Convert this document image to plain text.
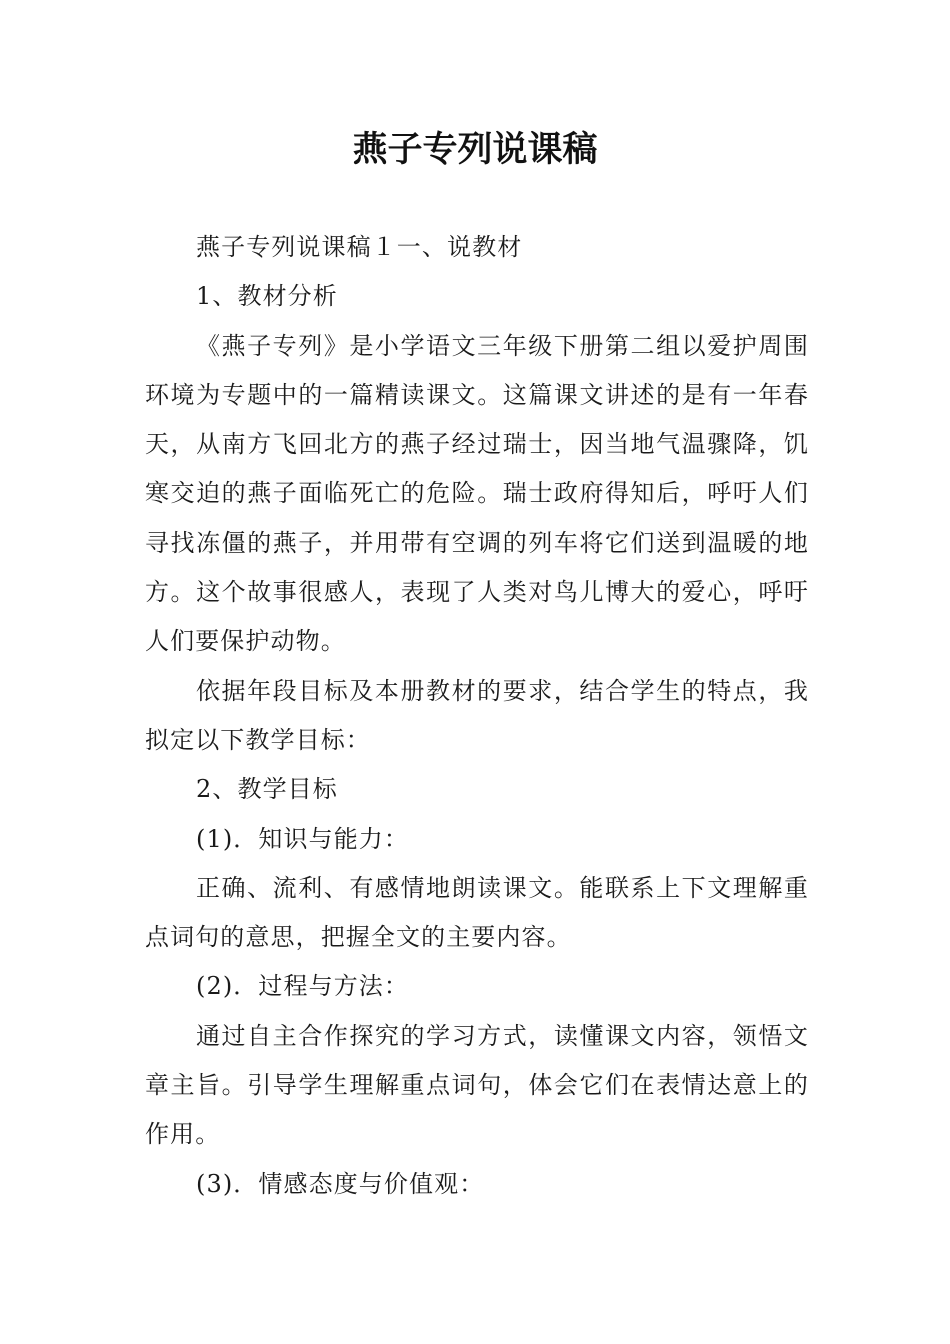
燕子专列说课稿

燕子专列说课稿１一、说教材

1、教材分析

《燕子专列》是小学语文三年级下册第二组以爱护周围环境为专题中的一篇精读课文。这篇课文讲述的是有一年春天，从南方飞回北方的燕子经过瑞士，因当地气温骤降，饥寒交迫的燕子面临死亡的危险。瑞士政府得知后，呼吁人们寻找冻僵的燕子，并用带有空调的列车将它们送到温暖的地方。这个故事很感人，表现了人类对鸟儿博大的爱心，呼吁人们要保护动物。

依据年段目标及本册教材的要求，结合学生的特点，我拟定以下教学目标：

2、教学目标

(1)．知识与能力：

正确、流利、有感情地朗读课文。能联系上下文理解重点词句的意思，把握全文的主要内容。

(2)．过程与方法：

通过自主合作探究的学习方式，读懂课文内容，领悟文章主旨。引导学生理解重点词句，体会它们在表情达意上的作用。

(3)．情感态度与价值观：
